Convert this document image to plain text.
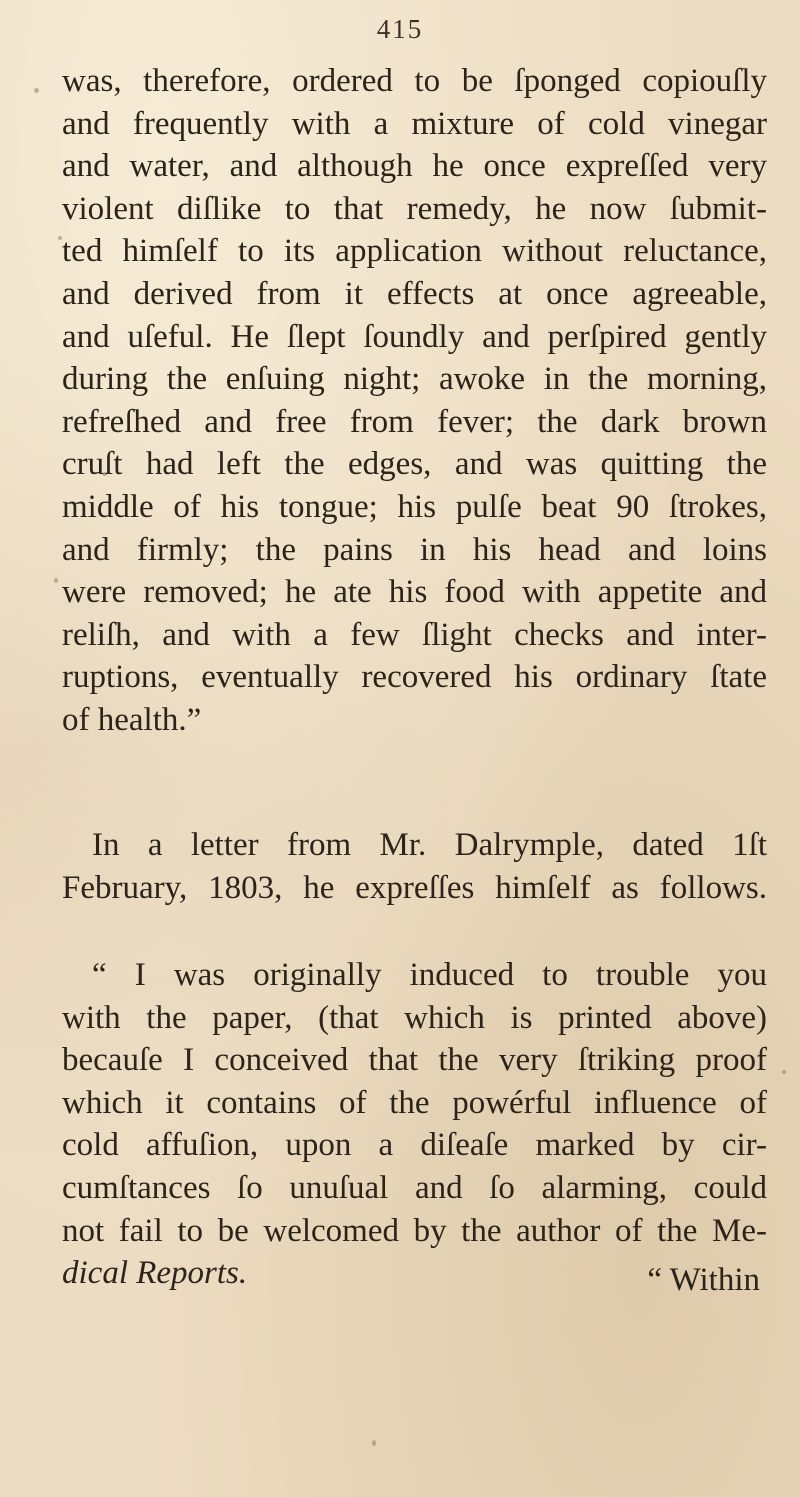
415
was, therefore, ordered to be ſponged copiouſly
and frequently with a mixture of cold vinegar
and water, and although he once expreſſed very
violent diſlike to that remedy, he now ſubmit-
ted himſelf to its application without reluctance,
and derived from it effects at once agreeable,
and uſeful. He ſlept ſoundly and perſpired gently
during the enſuing night; awoke in the morning,
refreſhed and free from fever; the dark brown
cruſt had left the edges, and was quitting the
middle of his tongue; his pulſe beat 90 ſtrokes,
and firmly; the pains in his head and loins
were removed; he ate his food with appetite and
reliſh, and with a few ſlight checks and inter-
ruptions, eventually recovered his ordinary ſtate
of health.”
In a letter from Mr. Dalrymple, dated 1ſt
February, 1803, he expreſſes himſelf as follows.
“ I was originally induced to trouble you
with the paper, (that which is printed above)
becauſe I conceived that the very ſtriking proof
which it contains of the powérful influence of
cold affuſion, upon a diſeaſe marked by cir-
cumſtances ſo unuſual and ſo alarming, could
not fail to be welcomed by the author of the Me-
dical Reports.	“ Within
